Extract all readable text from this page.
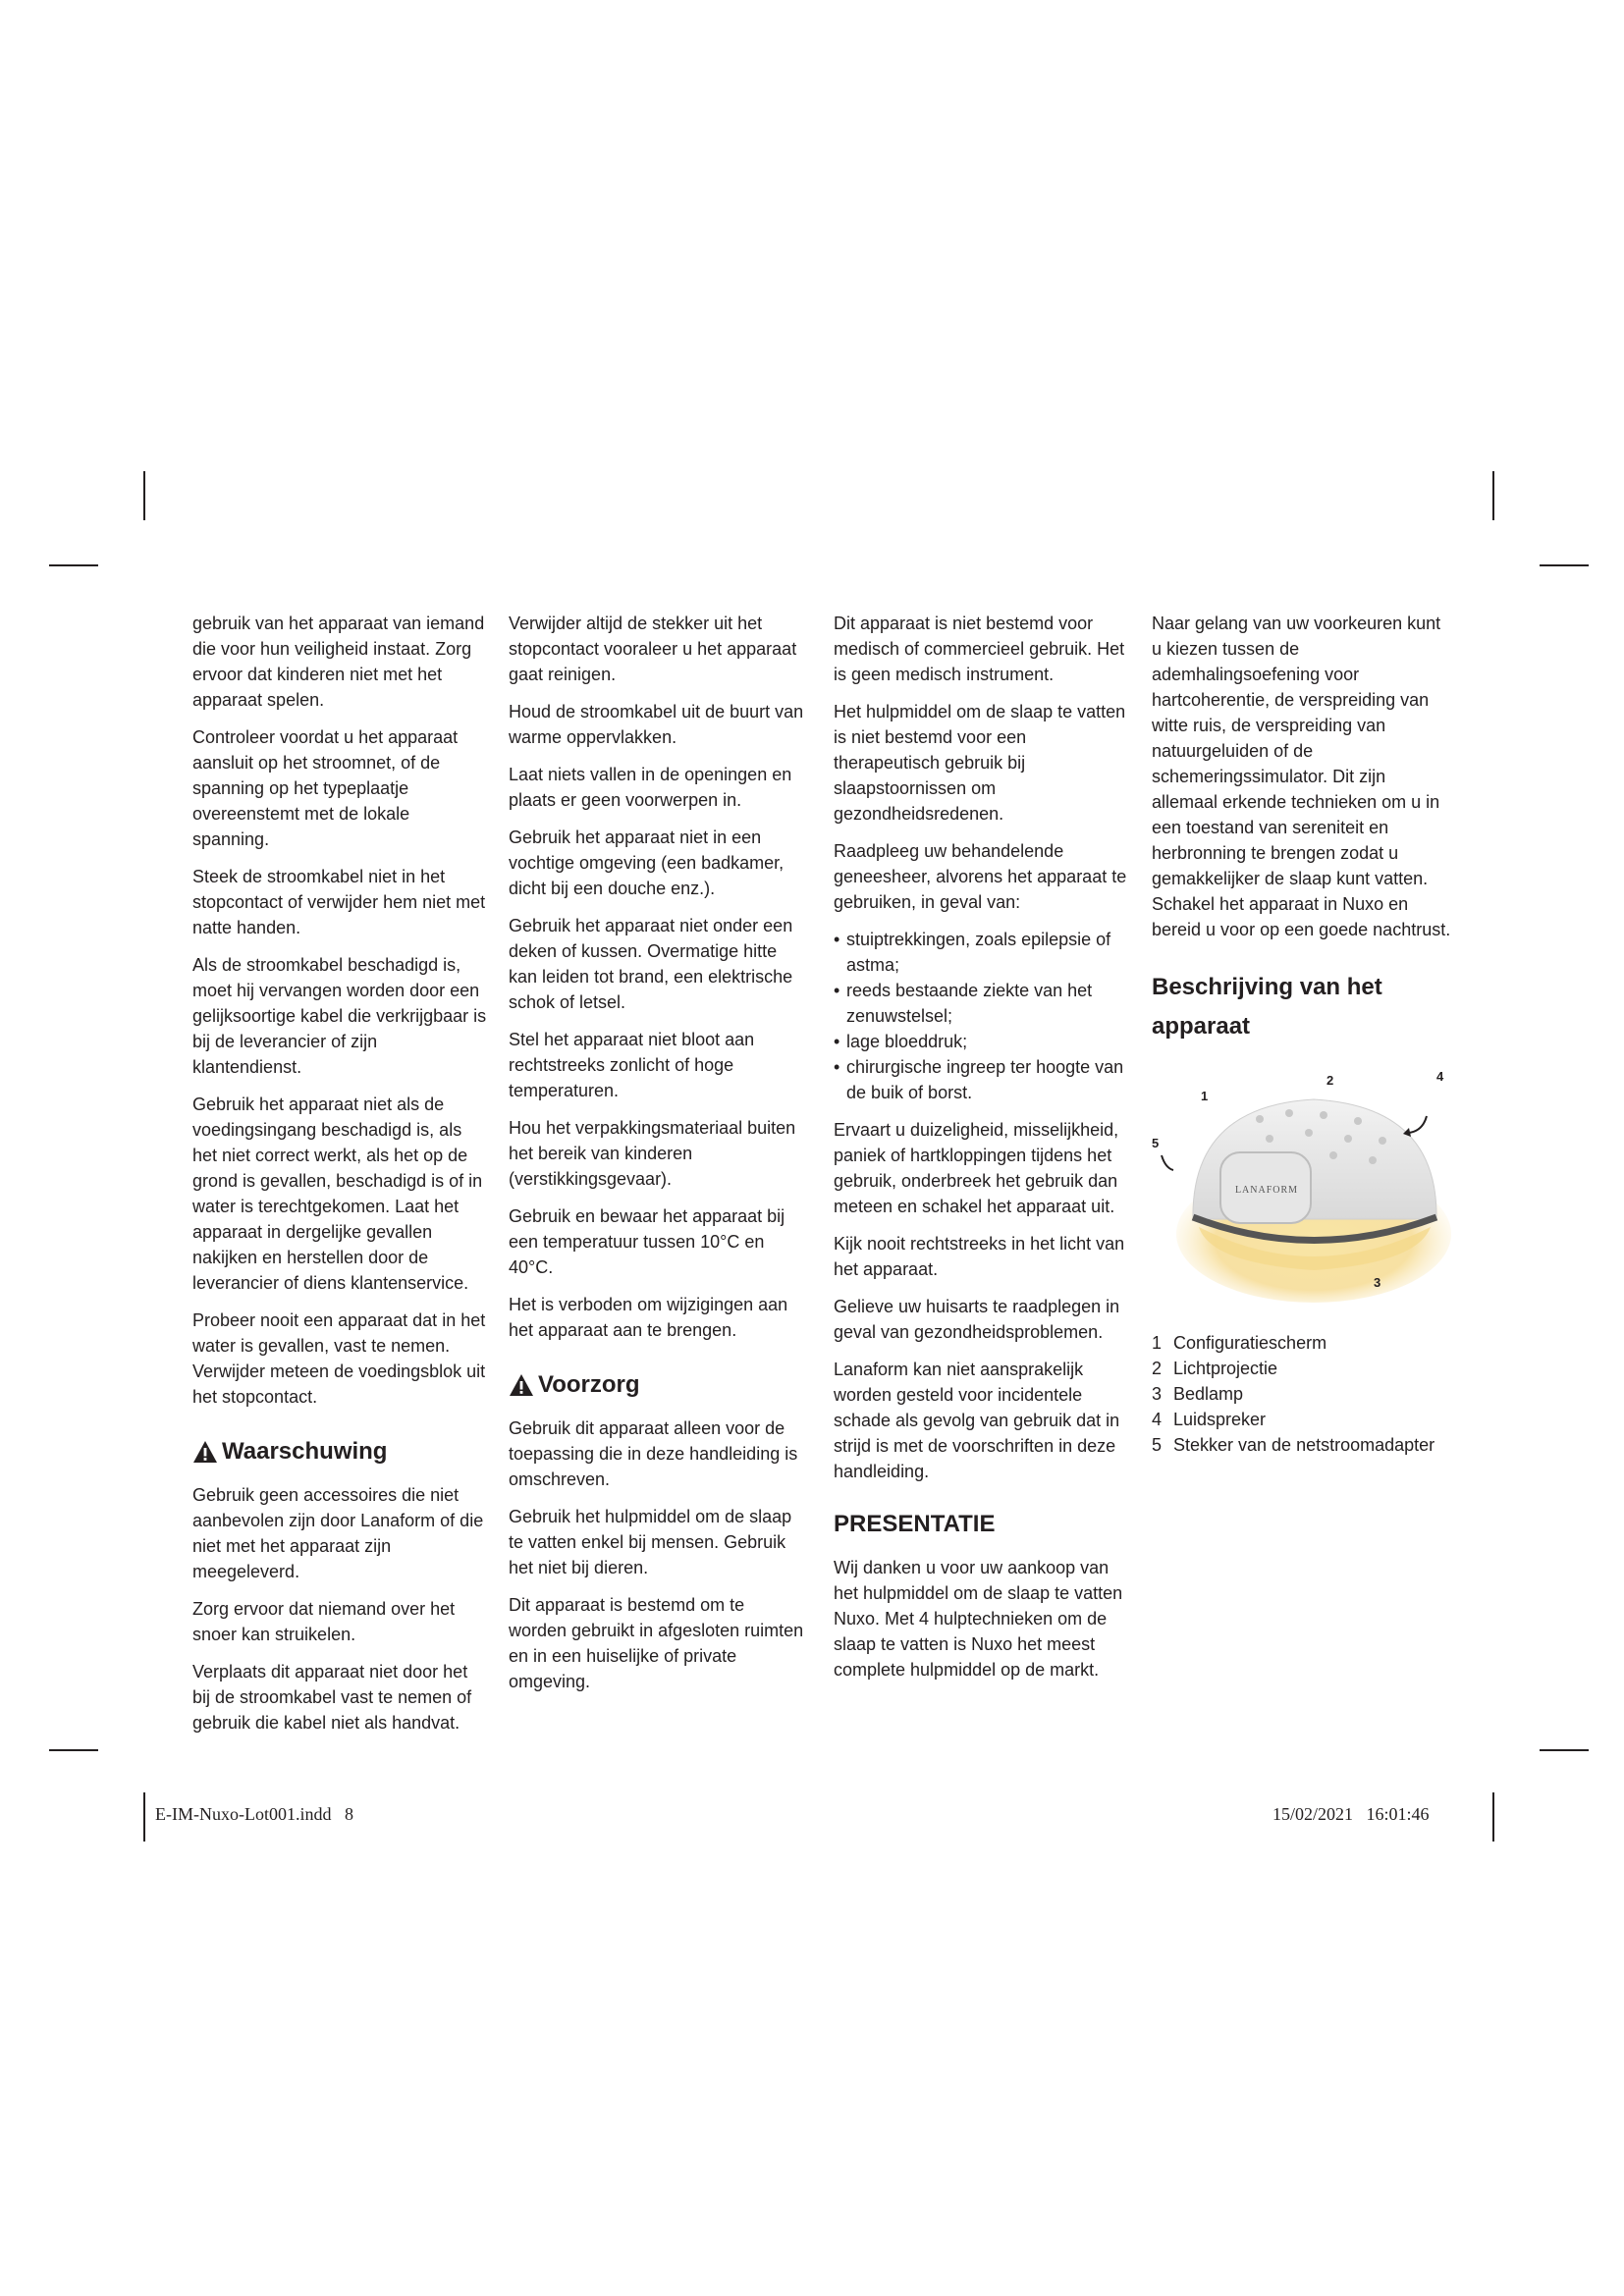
gebruik van het apparaat van iemand die voor hun veiligheid instaat. Zorg ervoor dat kinderen niet met het apparaat spelen.

Controleer voordat u het apparaat aansluit op het stroomnet, of de spanning op het typeplaatje overeenstemt met de lokale spanning.

Steek de stroomkabel niet in het stopcontact of verwijder hem niet met natte handen.

Als de stroomkabel beschadigd is, moet hij vervangen worden door een gelijksoortige kabel die verkrijgbaar is bij de leverancier of zijn klantendienst.

Gebruik het apparaat niet als de voedingsingang beschadigd is, als het niet correct werkt, als het op de grond is gevallen, beschadigd is of in water is terechtgekomen. Laat het apparaat in dergelijke gevallen nakijken en herstellen door de leverancier of diens klantenservice.

Probeer nooit een apparaat dat in het water is gevallen, vast te nemen. Verwijder meteen de voedingsblok uit het stopcontact.

Waarschuwing

Gebruik geen accessoires die niet aanbevolen zijn door Lanaform of die niet met het apparaat zijn meegeleverd.

Zorg ervoor dat niemand over het snoer kan struikelen.

Verplaats dit apparaat niet door het bij de stroomkabel vast te nemen of gebruik die kabel niet als handvat.

Verwijder altijd de stekker uit het stopcontact vooraleer u het apparaat gaat reinigen.

Houd de stroomkabel uit de buurt van warme oppervlakken.

Laat niets vallen in de openingen en plaats er geen voorwerpen in.

Gebruik het apparaat niet in een vochtige omgeving (een badkamer, dicht bij een douche enz.).

Gebruik het apparaat niet onder een deken of kussen. Overmatige hitte kan leiden tot brand, een elektrische schok of letsel.

Stel het apparaat niet bloot aan rechtstreeks zonlicht of hoge temperaturen.

Hou het verpakkingsmateriaal buiten het bereik van kinderen (verstikkingsgevaar).

Gebruik en bewaar het apparaat bij een temperatuur tussen 10°C en 40°C.

Het is verboden om wijzigingen aan het apparaat aan te brengen.

Voorzorg

Gebruik dit apparaat alleen voor de toepassing die in deze handleiding is omschreven.

Gebruik het hulpmiddel om de slaap te vatten enkel bij mensen. Gebruik het niet bij dieren.

Dit apparaat is bestemd om te worden gebruikt in afgesloten ruimten en in een huiselijke of private omgeving.

Dit apparaat is niet bestemd voor medisch of commercieel gebruik. Het is geen medisch instrument.

Het hulpmiddel om de slaap te vatten is niet bestemd voor een therapeutisch gebruik bij slaapstoornissen om gezondheidsredenen.

Raadpleeg uw behandelende geneesheer, alvorens het apparaat te gebruiken, in geval van:

• stuiptrekkingen, zoals epilepsie of astma;
• reeds bestaande ziekte van het zenuwstelsel;
• lage bloeddruk;
• chirurgische ingreep ter hoogte van de buik of borst.

Ervaart u duizeligheid, misselijkheid, paniek of hartkloppingen tijdens het gebruik, onderbreek het gebruik dan meteen en schakel het apparaat uit.

Kijk nooit rechtstreeks in het licht van het apparaat.

Gelieve uw huisarts te raadplegen in geval van gezondheidsproblemen.

Lanaform kan niet aansprakelijk worden gesteld voor incidentele schade als gevolg van gebruik dat in strijd is met de voorschriften in deze handleiding.

PRESENTATIE

Wij danken u voor uw aankoop van het hulpmiddel om de slaap te vatten Nuxo. Met 4 hulptechnieken om de slaap te vatten is Nuxo het meest complete hulpmiddel op de markt.

Naar gelang van uw voorkeuren kunt u kiezen tussen de ademhalingsoefening voor hartcoherentie, de verspreiding van witte ruis, de verspreiding van natuurgeluiden of de schemeringssimulator. Dit zijn allemaal erkende technieken om u in een toestand van sereniteit en herbronning te brengen zodat u gemakkelijker de slaap kunt vatten. Schakel het apparaat in Nuxo en bereid u voor op een goede nachtrust.

Beschrijving van het apparaat
LANAFORM
1
2
3
4
5
1 Configuratiescherm
2 Lichtprojectie
3 Bedlamp
4 Luidspreker
5 Stekker van de netstroomadapter
E-IM-Nuxo-Lot001.indd   8	15/02/2021   16:01:46
